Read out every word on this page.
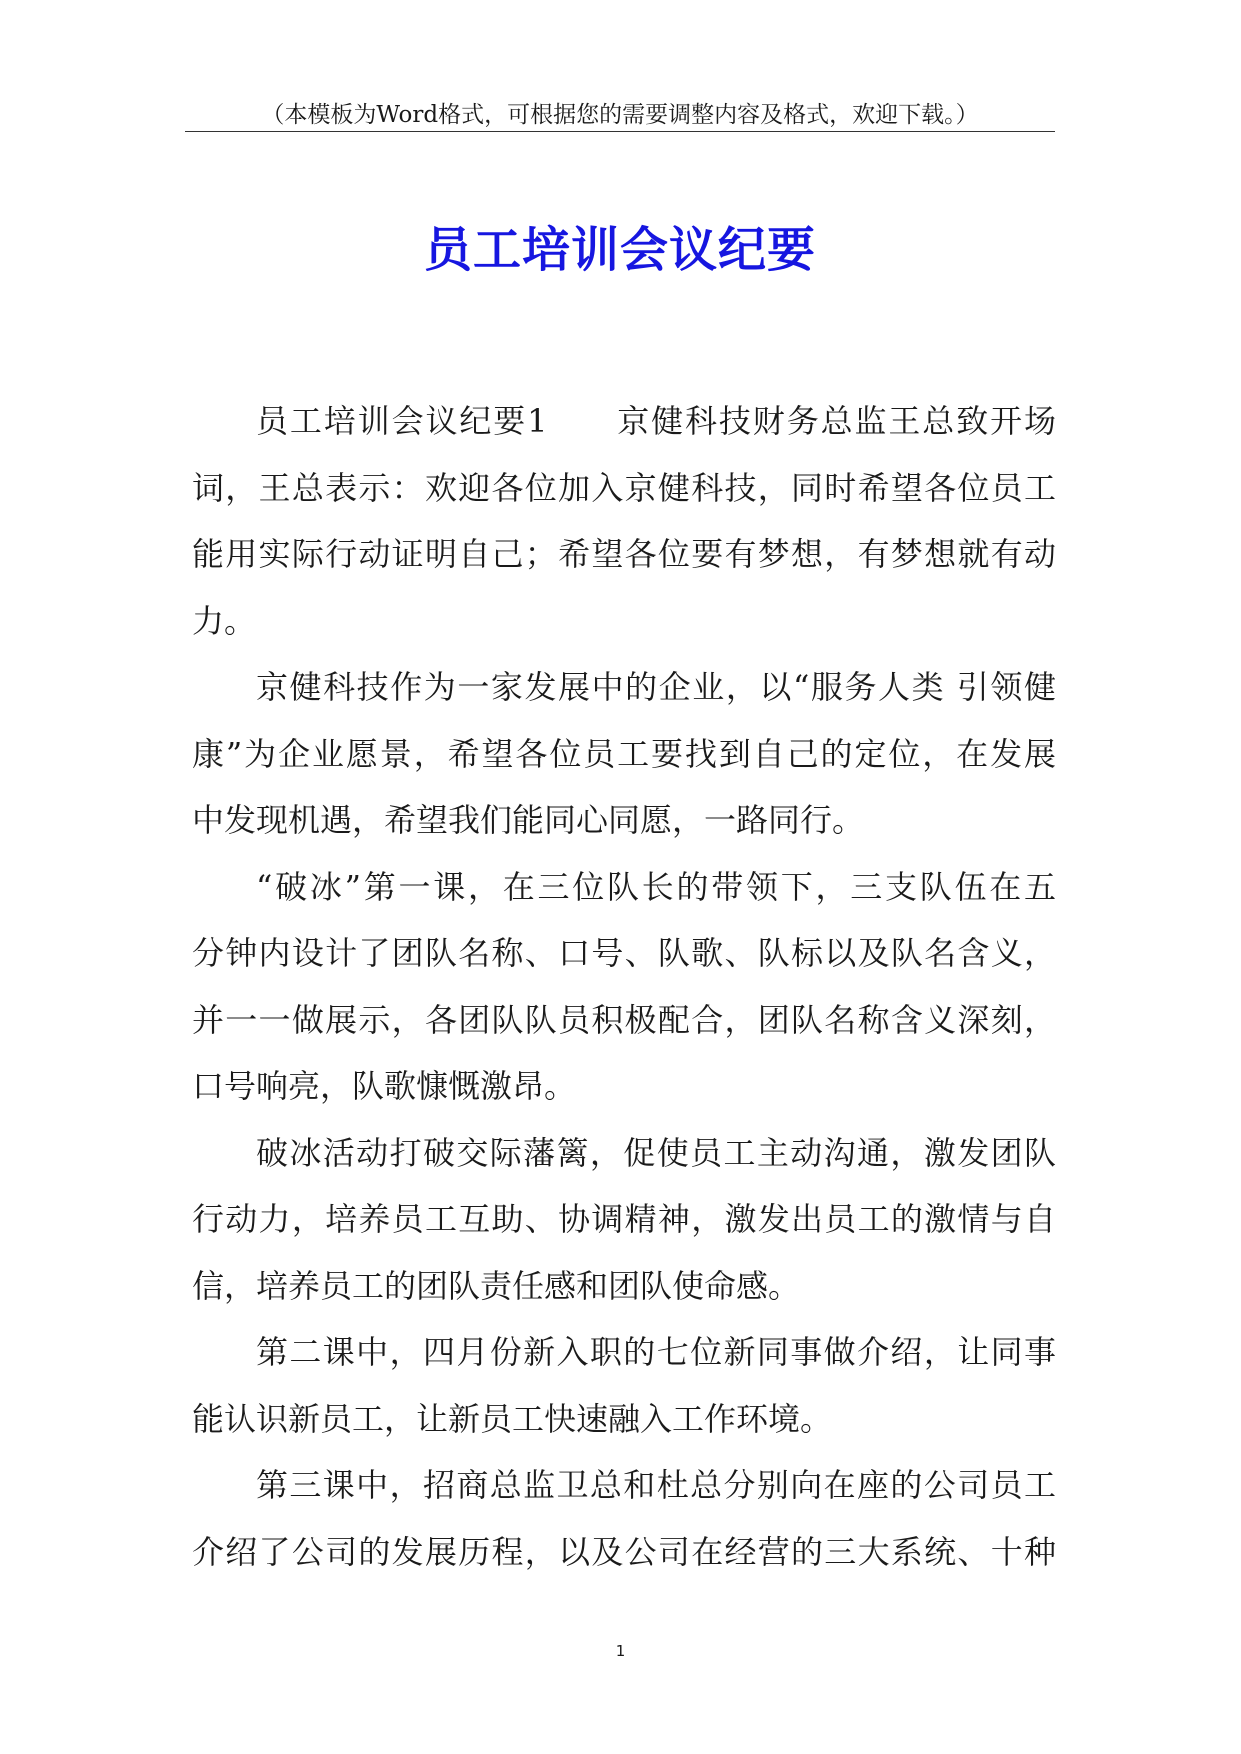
（本模板为Word格式，可根据您的需要调整内容及格式，欢迎下载。）
员工培训会议纪要
员工培训会议纪要1　　京健科技财务总监王总致开场
词，王总表示：欢迎各位加入京健科技，同时希望各位员工
能用实际行动证明自己；希望各位要有梦想，有梦想就有动
力。
京健科技作为一家发展中的企业，以“服务人类 引领健
康”为企业愿景，希望各位员工要找到自己的定位，在发展
中发现机遇，希望我们能同心同愿，一路同行。
“破冰”第一课，在三位队长的带领下，三支队伍在五
分钟内设计了团队名称、口号、队歌、队标以及队名含义，
并一一做展示，各团队队员积极配合，团队名称含义深刻，
口号响亮，队歌慷慨激昂。
破冰活动打破交际藩篱，促使员工主动沟通，激发团队
行动力，培养员工互助、协调精神，激发出员工的激情与自
信，培养员工的团队责任感和团队使命感。
第二课中，四月份新入职的七位新同事做介绍，让同事
能认识新员工，让新员工快速融入工作环境。
第三课中，招商总监卫总和杜总分别向在座的公司员工
介绍了公司的发展历程，以及公司在经营的三大系统、十种
1
